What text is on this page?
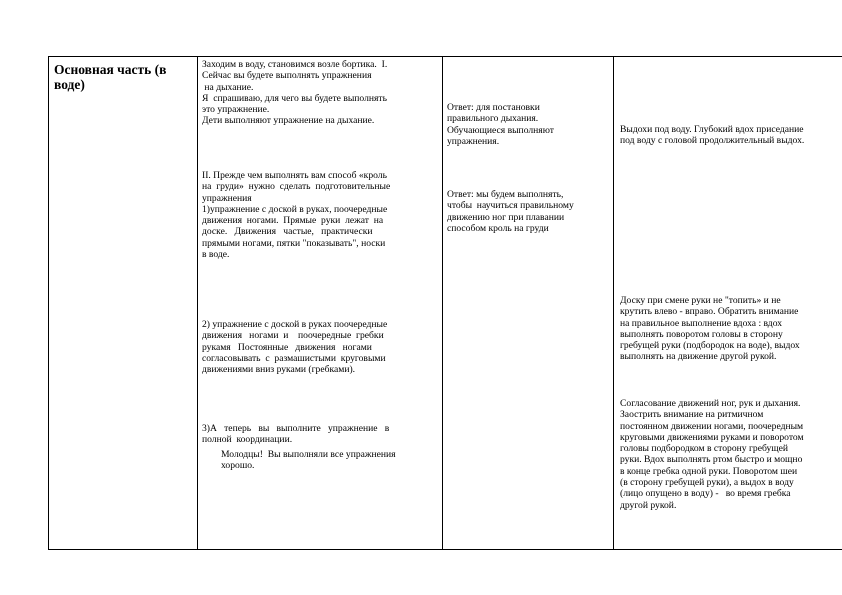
Основная часть (в
воде)
Заходим в воду, становимся возле бортика.  I.
Сейчас вы будете выполнять упражнения
на дыхание.
Я  спрашиваю, для чего вы будете выполнять
это упражнение.
Дети выполняют упражнение на дыхание.
II. Прежде чем выполнять вам способ «кроль
на  груди»  нужно  сделать  подготовительные
упражнения
1)упражнение с доской в руках, поочередные
движения  ногами.  Прямые  руки  лежат  на
доске.   Движения   частые,   практически
прямыми ногами, пятки "показывать", носки
в воде.
2) упражнение с доской в руках поочередные
движения   ногами  и    поочередные  гребки
рукамя   Постоянные   движения   ногами
согласовывать  с  размашистыми  круговыми
движениями вниз руками (гребками).
3)А   теперь   вы   выполните   упражнение   в
полной  координации.
Молодцы!  Вы выполняли все упражнения
хорошо.
Ответ: для постановки
правильного дыхания.
Обучающиеся выполняют
упражнения.
Ответ: мы будем выполнять,
чтобы  научиться правильному
движению ног при плавании
способом кроль на груди
Выдохи под воду. Глубокий вдох приседание
под воду с головой продолжительный выдох.
Доску при смене руки не "топить» и не
крутить влево - вправо. Обратить внимание
на правильное выполнение вдоха : вдох
выполнять поворотом головы в сторону
гребущей руки (подбородок на воде), выдох
выполнять на движение другой рукой.
Согласование движений ног, рук и дыхания.
Заострить внимание на ритмичном
постоянном движении ногами, поочередным
круговыми движениями руками и поворотом
головы подбородком в сторону гребущей
руки. Вдох выполнять ртом быстро и мощно
в конце гребка одной руки. Поворотом шеи
(в сторону гребущей руки), а выдох в воду
(лицо опущено в воду) -   во время гребка
другой рукой.
